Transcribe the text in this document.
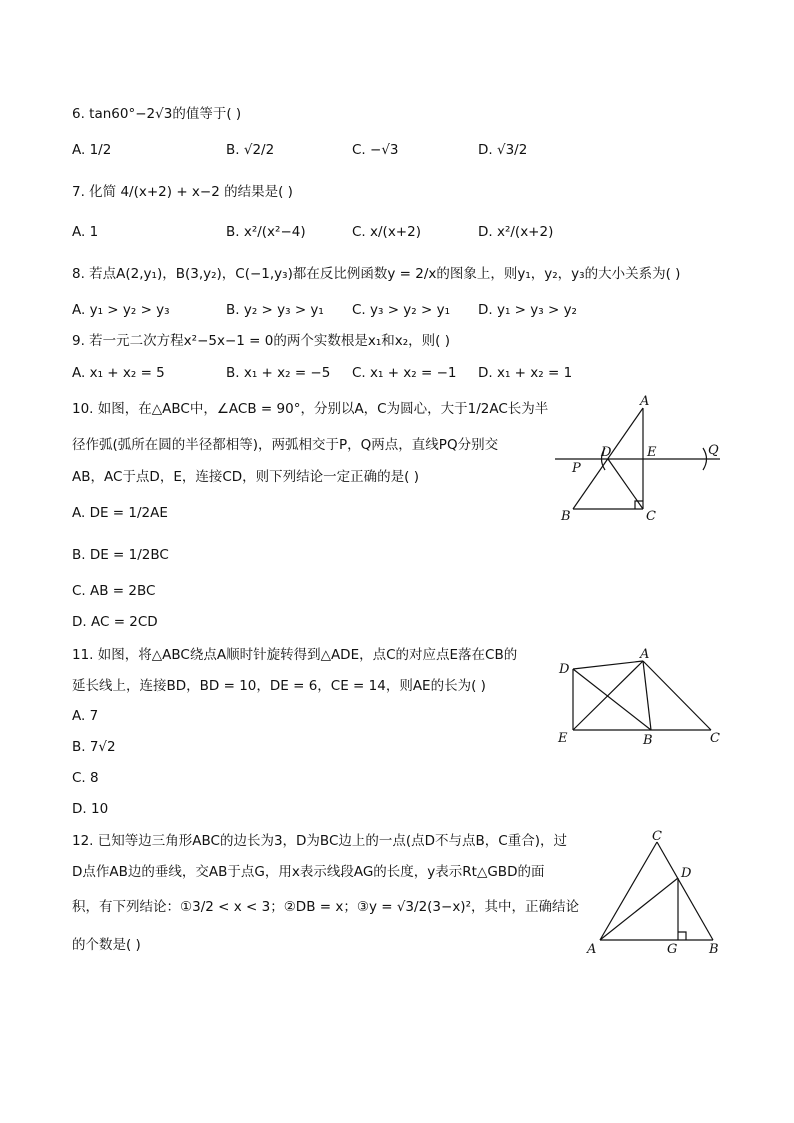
6. tan60°−2√3的值等于( )
A. 1/2	B. √2/2	C. −√3	D. √3/2
7. 化简 4/(x+2) + x−2 的结果是( )
A. 1	B. x²/(x²−4)	C. x/(x+2)	D. x²/(x+2)
8. 若点A(2,y₁)，B(3,y₂)，C(−1,y₃)都在反比例函数y = 2/x的图象上，则y₁，y₂，y₃的大小关系为( )
A. y₁ > y₂ > y₃	B. y₂ > y₃ > y₁ C. y₃ > y₂ > y₁ D. y₁ > y₃ > y₂
9. 若一元二次方程x²−5x−1 = 0的两个实数根是x₁和x₂，则( )
A. x₁ + x₂ = 5	B. x₁ + x₂ = −5 C. x₁ + x₂ = −1 D. x₁ + x₂ = 1
10. 如图，在△ABC中，∠ACB = 90°，分别以A，C为圆心，大于1/2AC长为半
径作弧(弧所在圆的半径都相等)，两弧相交于P，Q两点，直线PQ分别交
AB，AC于点D，E，连接CD，则下列结论一定正确的是( )
A. DE = 1/2AE
B. DE = 1/2BC
C. AB = 2BC
D. AC = 2CD
A
D	E	Q
P
B	C
11. 如图，将△ABC绕点A顺时针旋转得到△ADE，点C的对应点E落在CB的
延长线上，连接BD，BD = 10，DE = 6，CE = 14，则AE的长为( )
A. 7
B. 7√2
C. 8
D. 10
D
A
E	B	C
12. 已知等边三角形ABC的边长为3，D为BC边上的一点(点D不与点B，C重合)，过
D点作AB边的垂线，交AB于点G，用x表示线段AG的长度，y表示Rt△GBD的面
积，有下列结论：①3/2 < x < 3；②DB = x；③y = √3/2(3−x)²，其中，正确结论
的个数是( )
C
D
A	G B
